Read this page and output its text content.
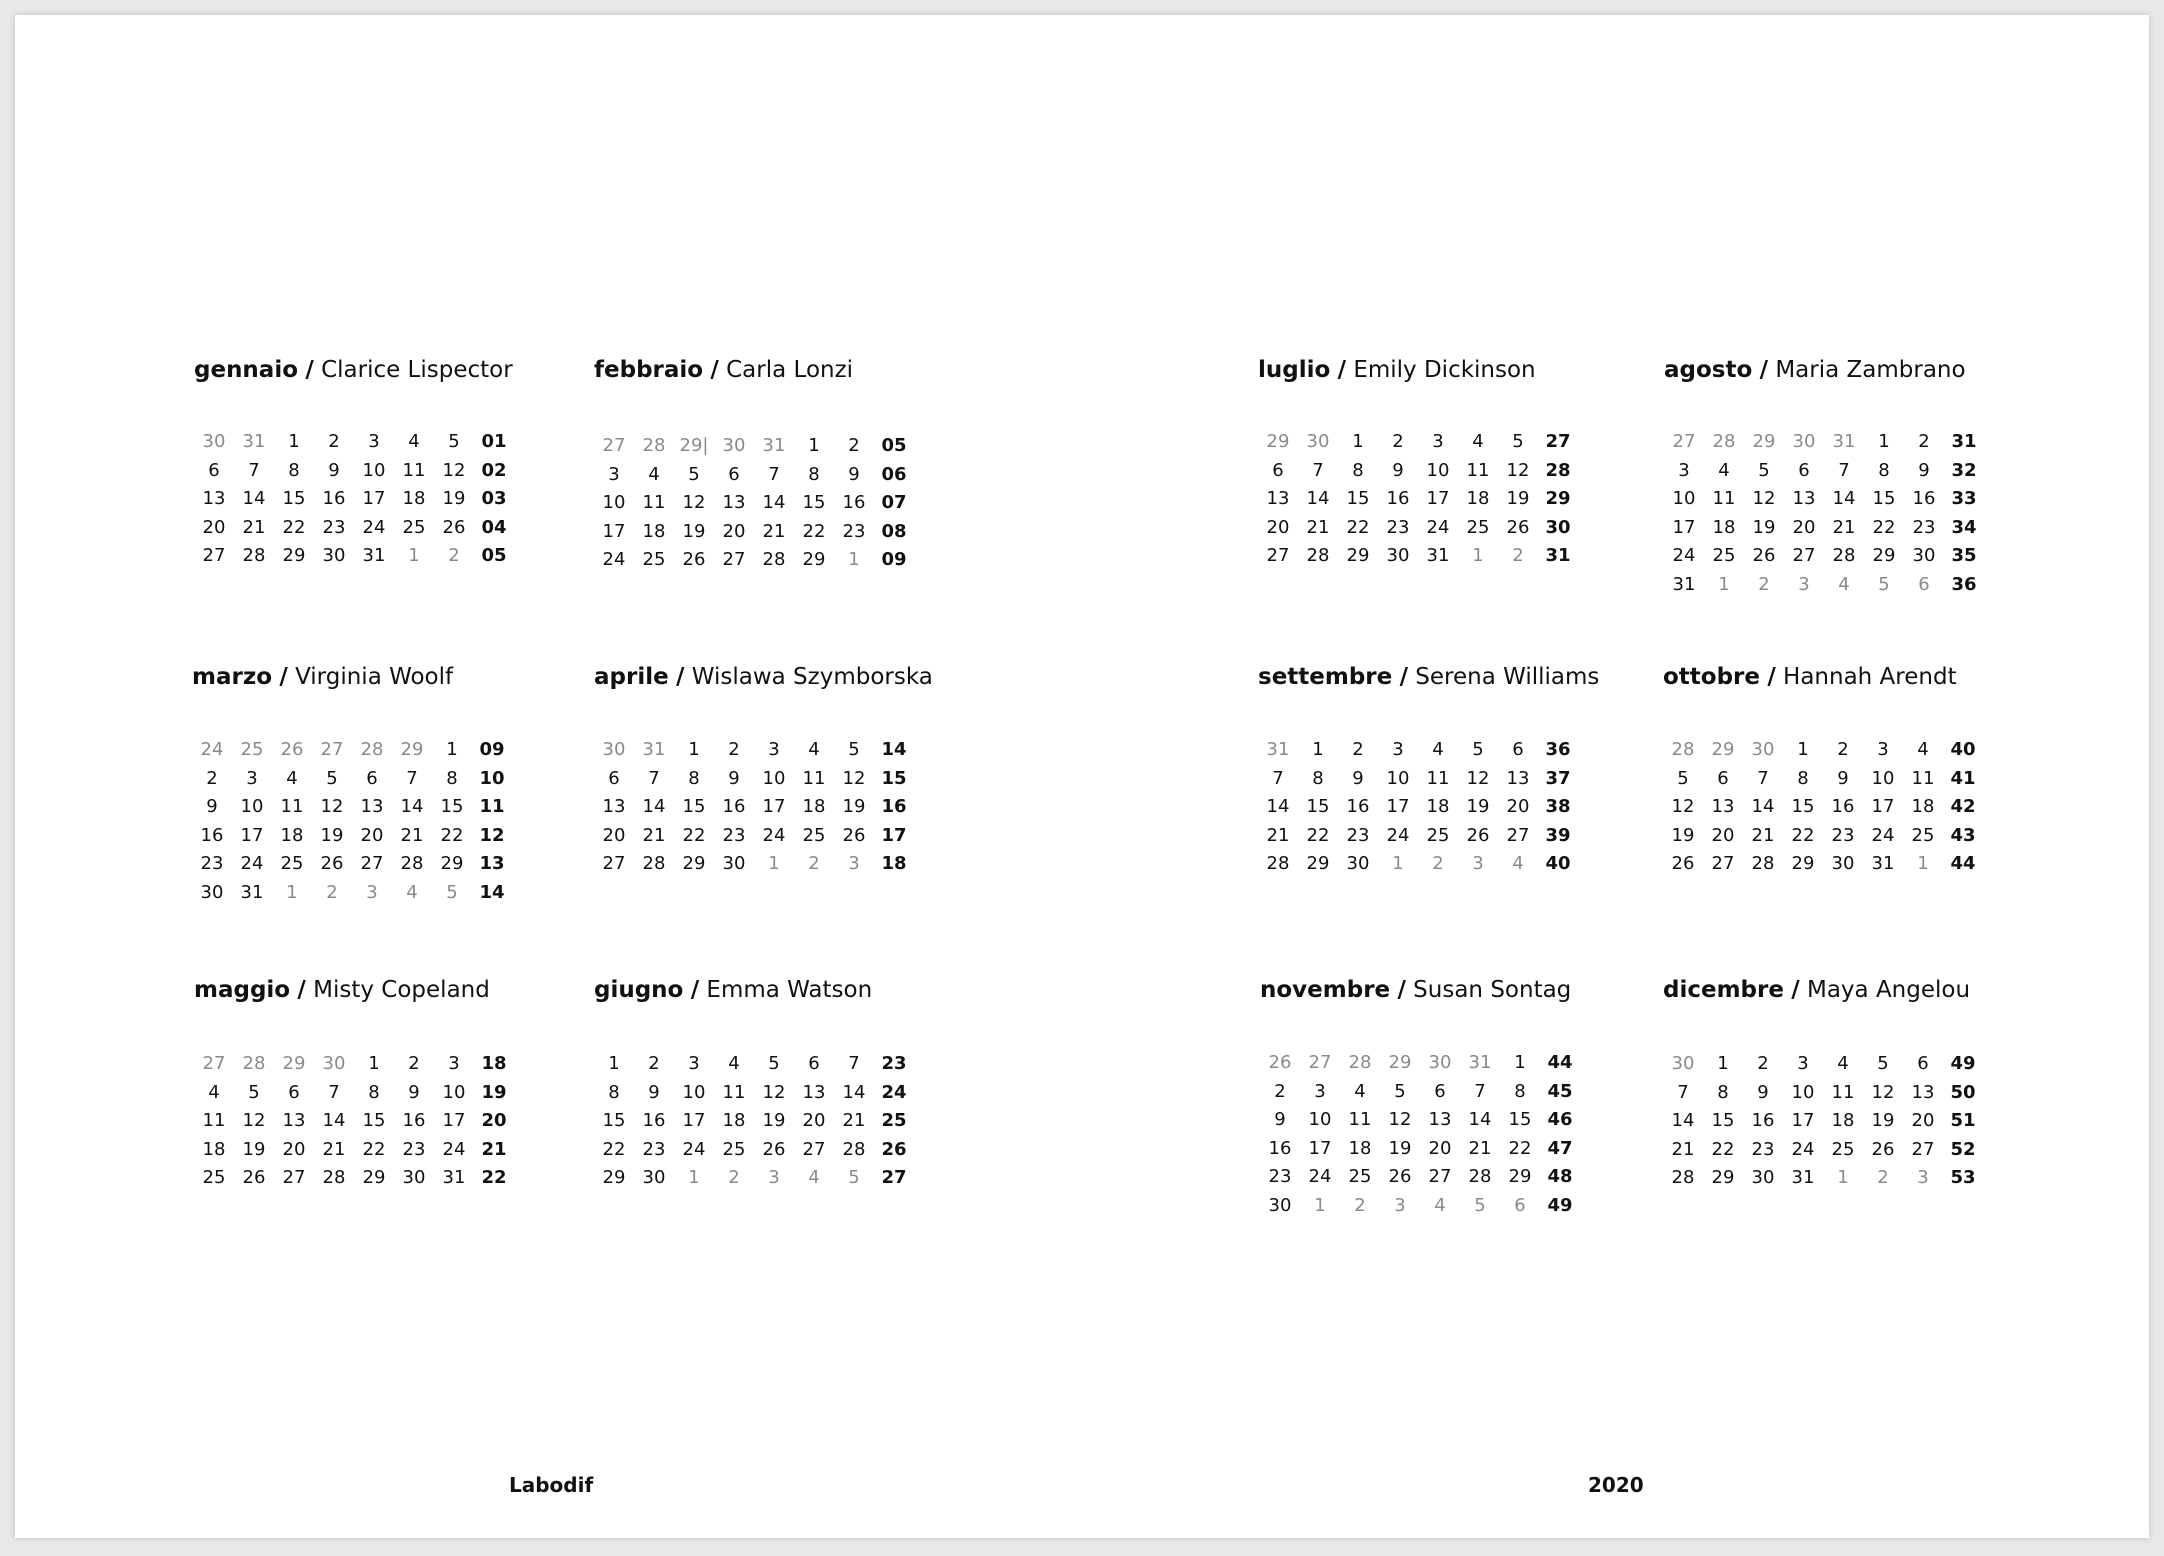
gennaio / Clarice Lispector
30 31	1	2	3	4	5	01
6	7	8	9	10 11 12 02
13 14 15 16 17 18 19 03
20 21 22 23 24 25 26 04
27 28 29 30 31	1	2	05
febbraio / Carla Lonzi
27 28 29| 30 31	1	2	05
3	4	5	6	7	8	9	06
10 11 12 13 14 15 16 07
17 18 19 20 21 22 23 08
24 25 26 27 28 29	1	09
luglio / Emily Dickinson
29 30	1	2	3	4	5	27
6	7	8	9	10 11 12 28
13 14 15 16 17 18 19 29
20 21 22 23 24 25 26 30
27 28 29 30 31	1	2	31
agosto / Maria Zambrano
27 28 29 30 31	1	2	31
3	4	5	6	7	8	9	32
10 11 12 13 14 15 16 33
17 18 19 20 21 22 23 34
24 25 26 27 28 29 30 35
31	1	2	3	4	5	6	36
marzo / Virginia Woolf
24 25 26 27 28 29	1	09
2	3	4	5	6	7	8	10
9	10 11 12 13 14 15 11
16 17 18 19 20 21 22 12
23 24 25 26 27 28 29 13
30 31	1	2	3	4	5	14
aprile / Wislawa Szymborska
30 31	1	2	3	4	5	14
6	7	8	9	10 11 12 15
13 14 15 16 17 18 19 16
20 21 22 23 24 25 26 17
27 28 29 30	1	2	3	18
settembre / Serena Williams
31	1	2	3	4	5	6	36
7	8	9	10 11 12 13 37
14 15 16 17 18 19 20 38
21 22 23 24 25 26 27 39
28 29 30	1	2	3	4	40
ottobre / Hannah Arendt
28 29 30	1	2	3	4	40
5	6	7	8	9	10 11 41
12 13 14 15 16 17 18 42
19 20 21 22 23 24 25 43
26 27 28 29 30 31	1	44
maggio / Misty Copeland
27 28 29 30	1	2	3	18
4	5	6	7	8	9	10 19
11 12 13 14 15 16 17 20
18 19 20 21 22 23 24 21
25 26 27 28 29 30 31 22
giugno / Emma Watson
1	2	3	4	5	6	7	23
8	9	10 11 12 13 14 24
15 16 17 18 19 20 21 25
22 23 24 25 26 27 28 26
29 30	1	2	3	4	5	27
novembre / Susan Sontag
26 27 28 29 30 31	1	44
2	3	4	5	6	7	8	45
9	10 11 12 13 14 15 46
16 17 18 19 20 21 22 47
23 24 25 26 27 28 29 48
30	1	2	3	4	5	6	49
dicembre / Maya Angelou
30	1	2	3	4	5	6	49
7	8	9	10 11 12 13 50
14 15 16 17 18 19 20 51
21 22 23 24 25 26 27 52
28 29 30 31	1	2	3	53
Labodif	2020
